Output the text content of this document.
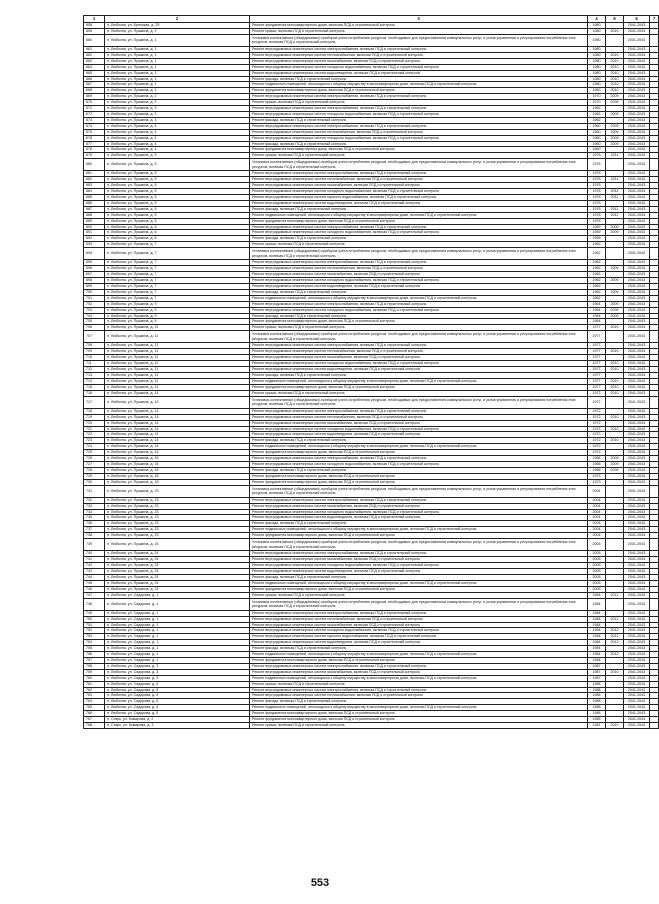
1	2	3	4	5	6	7
658	п. Любохна, ул. Брянская, д. 25	Ремонт фундамента многоквартирного дома, включая ПСД и строительный контроль	1980		2041-2043	
659	п. Любохна, ул. Пушкина, д. 1	Ремонт крыши, включая ПСД и строительный контроль	1980	2010	2041-2043	
660	п. Любохна, ул. Пушкина, д. 1	Установка коллективных (общедомовых) приборов учета потребления ресурсов, необходимых для предоставления коммунальных услуг, и узлов управления и регулирования потребления этих ресурсов, включая ПСД и строительный контроль	1980		2041-2043	
661	п. Любохна, ул. Пушкина, д. 1	Ремонт внутридомовых инженерных систем электроснабжения, включая ПСД и строительный контроль	1980		2041-2043	
662	п. Любохна, ул. Пушкина, д. 1	Ремонт внутридомовых инженерных систем теплоснабжения, включая ПСД и строительный контроль	1980	2010	2041-2043	
663	п. Любохна, ул. Пушкина, д. 1	Ремонт внутридомовых инженерных систем газоснабжения, включая ПСД и строительный контроль	1980	2010	2041-2043	
664	п. Любохна, ул. Пушкина, д. 1	Ремонт внутридомовых инженерных систем холодного водоснабжения, включая ПСД и строительный контроль	1980	2010	2041-2043	
665	п. Любохна, ул. Пушкина, д. 1	Ремонт внутридомовых инженерных систем водоотведения, включая ПСД и строительный контроль	1980	2010	2041-2043	
666	п. Любохна, ул. Пушкина, д. 1	Ремонт фасада, включая ПСД и строительный контроль	1980	2010	2041-2043	
667	п. Любохна, ул. Пушкина, д. 1	Ремонт подвальных помещений, относящихся к общему имуществу в многоквартирном доме, включая ПСД и строительный контроль	1980	2010	2041-2043	
668	п. Любохна, ул. Пушкина, д. 1	Ремонт фундамента многоквартирного дома, включая ПСД и строительный контроль	1980	2010	2041-2043	
669	п. Любохна, ул. Пушкина, д. 2	Ремонт внутридомовых инженерных систем электроснабжения, включая ПСД и строительный контроль	1970	2009	2041-2043	
670	п. Любохна, ул. Пушкина, д. 2	Ремонт крыши, включая ПСД и строительный контроль	1970	2009	2041-2043	
671	п. Любохна, ул. Пушкина, д. 3	Ремонт внутридомовых инженерных систем электроснабжения, включая ПСД и строительный контроль	1962		2041-2043	
672	п. Любохна, ул. Пушкина, д. 3	Ремонт внутридомовых инженерных систем холодного водоснабжения, включая ПСД и строительный контроль	1962	2009	2041-2043	
673	п. Любохна, ул. Пушкина, д. 3	Ремонт фасада, включая ПСД и строительный контроль	1962		2041-2043	
674	п. Любохна, ул. Пушкина, д. 4	Ремонт внутридомовых инженерных систем электроснабжения, включая ПСД и строительный контроль	1960	2009	2041-2043	
675	п. Любохна, ул. Пушкина, д. 4	Ремонт внутридомовых инженерных систем теплоснабжения, включая ПСД и строительный контроль	1960	2009	2041-2043	
676	п. Любохна, ул. Пушкина, д. 4	Ремонт внутридомовых инженерных систем холодного водоснабжения, включая ПСД и строительный контроль	1960	2009	2041-2043	
677	п. Любохна, ул. Пушкина, д. 4	Ремонт фасада, включая ПСД и строительный контроль	1960	2009	2041-2043	
678	п. Любохна, ул. Пушкина, д. 4	Ремонт фундамента многоквартирного дома, включая ПСД и строительный контроль	1960		2041-2043	
679	п. Любохна, ул. Пушкина, д. 5	Ремонт крыши, включая ПСД и строительный контроль	1976	2011	2041-2043	
680	п. Любохна, ул. Пушкина, д. 5	Установка коллективных (общедомовых) приборов учета потребления ресурсов, необходимых для предоставления коммунальных услуг, и узлов управления и регулирования потребления этих ресурсов, включая ПСД и строительный контроль	1976		2041-2043	
681	п. Любохна, ул. Пушкина, д. 5	Ремонт внутридомовых инженерных систем электроснабжения, включая ПСД и строительный контроль	1976		2041-2043	
682	п. Любохна, ул. Пушкина, д. 5	Ремонт внутридомовых инженерных систем теплоснабжения, включая ПСД и строительный контроль	1976	2011	2041-2043	
683	п. Любохна, ул. Пушкина, д. 5	Ремонт внутридомовых инженерных систем газоснабжения, включая ПСД и строительный контроль	1976		2041-2043	
684	п. Любохна, ул. Пушкина, д. 5	Ремонт внутридомовых инженерных систем холодного водоснабжения, включая ПСД и строительный контроль	1976	2011	2041-2043	
685	п. Любохна, ул. Пушкина, д. 5	Ремонт внутридомовых инженерных систем горячего водоснабжения, включая ПСД и строительный контроль	1976	2011	2041-2043	
686	п. Любохна, ул. Пушкина, д. 5	Ремонт внутридомовых инженерных систем водоотведения, включая ПСД и строительный контроль	1976		2041-2043	
687	п. Любохна, ул. Пушкина, д. 5	Ремонт фасада, включая ПСД и строительный контроль	1976	2011	2041-2043	
688	п. Любохна, ул. Пушкина, д. 5	Ремонт подвальных помещений, относящихся к общему имуществу в многоквартирном доме, включая ПСД и строительный контроль	1976	2011	2041-2043	
689	п. Любохна, ул. Пушкина, д. 5	Ремонт фундамента многоквартирного дома, включая ПСД и строительный контроль	1976		2041-2043	
690	п. Любохна, ул. Пушкина, д. 6	Ремонт внутридомовых инженерных систем электроснабжения, включая ПСД и строительный контроль	1959	2009	2041-2043	
691	п. Любохна, ул. Пушкина, д. 6	Ремонт внутридомовых инженерных систем холодного водоснабжения, включая ПСД и строительный контроль	1959	2009	2041-2043	
692	п. Любохна, ул. Пушкина, д. 6	Ремонт фасада, включая ПСД и строительный контроль	1959		2041-2043	
693	п. Любохна, ул. Пушкина, д. 7	Ремонт крыши, включая ПСД и строительный контроль	1962		2041-2043	
694	п. Любохна, ул. Пушкина, д. 7	Установка коллективных (общедомовых) приборов учета потребления ресурсов, необходимых для предоставления коммунальных услуг, и узлов управления и регулирования потребления этих ресурсов, включая ПСД и строительный контроль	1962		2041-2043	
695	п. Любохна, ул. Пушкина, д. 7	Ремонт внутридомовых инженерных систем электроснабжения, включая ПСД и строительный контроль	1962		2041-2043	
696	п. Любохна, ул. Пушкина, д. 7	Ремонт внутридомовых инженерных систем теплоснабжения, включая ПСД и строительный контроль	1962	2009	2041-2043	
697	п. Любохна, ул. Пушкина, д. 7	Ремонт внутридомовых инженерных систем газоснабжения, включая ПСД и строительный контроль	1962		2041-2043	
698	п. Любохна, ул. Пушкина, д. 7	Ремонт внутридомовых инженерных систем холодного водоснабжения, включая ПСД и строительный контроль	1962	2009	2041-2043	
699	п. Любохна, ул. Пушкина, д. 7	Ремонт внутридомовых инженерных систем водоотведения, включая ПСД и строительный контроль	1962		2041-2043	
700	п. Любохна, ул. Пушкина, д. 7	Ремонт фасада, включая ПСД и строительный контроль	1962	2009	2041-2043	
701	п. Любохна, ул. Пушкина, д. 7	Ремонт подвальных помещений, относящихся к общему имуществу в многоквартирном доме, включая ПСД и строительный контроль	1962		2041-2043	
702	п. Любохна, ул. Пушкина, д. 9	Ремонт внутридомовых инженерных систем электроснабжения, включая ПСД и строительный контроль	1964	2009	2041-2043	
703	п. Любохна, ул. Пушкина, д. 9	Ремонт внутридомовых инженерных систем холодного водоснабжения, включая ПСД и строительный контроль	1964	2009	2041-2043	
704	п. Любохна, ул. Пушкина, д. 9	Ремонт фасада, включая ПСД и строительный контроль	1964	2009	2041-2043	
705	п. Любохна, ул. Пушкина, д. 9	Ремонт фундамента многоквартирного дома, включая ПСД и строительный контроль	1964		2041-2043	
706	п. Любохна, ул. Пушкина, д. 11	Ремонт крыши, включая ПСД и строительный контроль	1977	2010	2041-2043	
707	п. Любохна, ул. Пушкина, д. 11	Установка коллективных (общедомовых) приборов учета потребления ресурсов, необходимых для предоставления коммунальных услуг, и узлов управления и регулирования потребления этих ресурсов, включая ПСД и строительный контроль	1977		2041-2043	
708	п. Любохна, ул. Пушкина, д. 11	Ремонт внутридомовых инженерных систем электроснабжения, включая ПСД и строительный контроль	1977		2041-2043	
709	п. Любохна, ул. Пушкина, д. 11	Ремонт внутридомовых инженерных систем теплоснабжения, включая ПСД и строительный контроль	1977	2010	2041-2043	
710	п. Любохна, ул. Пушкина, д. 11	Ремонт внутридомовых инженерных систем газоснабжения, включая ПСД и строительный контроль	1977		2041-2043	
711	п. Любохна, ул. Пушкина, д. 11	Ремонт внутридомовых инженерных систем холодного водоснабжения, включая ПСД и строительный контроль	1977	2010	2041-2043	
712	п. Любохна, ул. Пушкина, д. 11	Ремонт внутридомовых инженерных систем водоотведения, включая ПСД и строительный контроль	1977	2010	2041-2043	
713	п. Любохна, ул. Пушкина, д. 11	Ремонт фасада, включая ПСД и строительный контроль	1977		2041-2043	
714	п. Любохна, ул. Пушкина, д. 11	Ремонт подвальных помещений, относящихся к общему имуществу в многоквартирном доме, включая ПСД и строительный контроль	1977	2010	2041-2043	
715	п. Любохна, ул. Пушкина, д. 11	Ремонт фундамента многоквартирного дома, включая ПСД и строительный контроль	1977	2010	2041-2043	
716	п. Любохна, ул. Пушкина, д. 14	Ремонт крыши, включая ПСД и строительный контроль	1972	2010	2041-2043	
717	п. Любохна, ул. Пушкина, д. 14	Установка коллективных (общедомовых) приборов учета потребления ресурсов, необходимых для предоставления коммунальных услуг, и узлов управления и регулирования потребления этих ресурсов, включая ПСД и строительный контроль	1972		2041-2043	
718	п. Любохна, ул. Пушкина, д. 14	Ремонт внутридомовых инженерных систем электроснабжения, включая ПСД и строительный контроль	1972		2041-2043	
719	п. Любохна, ул. Пушкина, д. 14	Ремонт внутридомовых инженерных систем теплоснабжения, включая ПСД и строительный контроль	1972	2010	2041-2043	
720	п. Любохна, ул. Пушкина, д. 14	Ремонт внутридомовых инженерных систем газоснабжения, включая ПСД и строительный контроль	1972		2041-2043	
721	п. Любохна, ул. Пушкина, д. 14	Ремонт внутридомовых инженерных систем холодного водоснабжения, включая ПСД и строительный контроль	1972	2010	2041-2043	
722	п. Любохна, ул. Пушкина, д. 14	Ремонт внутридомовых инженерных систем водоотведения, включая ПСД и строительный контроль	1972		2041-2043	
723	п. Любохна, ул. Пушкина, д. 14	Ремонт фасада, включая ПСД и строительный контроль	1972	2010	2041-2043	
724	п. Любохна, ул. Пушкина, д. 14	Ремонт подвальных помещений, относящихся к общему имуществу в многоквартирном доме, включая ПСД и строительный контроль	1972		2041-2043	
725	п. Любохна, ул. Пушкина, д. 14	Ремонт фундамента многоквартирного дома, включая ПСД и строительный контроль	1972		2041-2043	
726	п. Любохна, ул. Пушкина, д. 16	Ремонт внутридомовых инженерных систем электроснабжения, включая ПСД и строительный контроль	1966	2009	2041-2043	
727	п. Любохна, ул. Пушкина, д. 16	Ремонт внутридомовых инженерных систем холодного водоснабжения, включая ПСД и строительный контроль	1966	2009	2041-2043	
728	п. Любохна, ул. Пушкина, д. 16	Ремонт фасада, включая ПСД и строительный контроль	1966	2009	2041-2043	
729	п. Любохна, ул. Пушкина, д. 18	Ремонт фундамента многоквартирного дома, включая ПСД и строительный контроль	1973		2041-2043	
730	п. Любохна, ул. Пушкина, д. 18	Ремонт фундамента многоквартирного дома, включая ПСД и строительный контроль	1973		2041-2043	
731	п. Любохна, ул. Пушкина, д. 23	Установка коллективных (общедомовых) приборов учета потребления ресурсов, необходимых для предоставления коммунальных услуг, и узлов управления и регулирования потребления этих ресурсов, включая ПСД и строительный контроль	2004		2041-2043	
732	п. Любохна, ул. Пушкина, д. 23	Ремонт внутридомовых инженерных систем электроснабжения, включая ПСД и строительный контроль	2004		2041-2043	
733	п. Любохна, ул. Пушкина, д. 23	Ремонт внутридомовых инженерных систем газоснабжения, включая ПСД и строительный контроль	2004		2041-2043	
734	п. Любохна, ул. Пушкина, д. 23	Ремонт внутридомовых инженерных систем холодного водоснабжения, включая ПСД и строительный контроль	2004		2041-2043	
735	п. Любохна, ул. Пушкина, д. 23	Ремонт внутридомовых инженерных систем водоотведения, включая ПСД и строительный контроль	2004		2041-2043	
736	п. Любохна, ул. Пушкина, д. 23	Ремонт фасада, включая ПСД и строительный контроль	2004		2041-2043	
737	п. Любохна, ул. Пушкина, д. 23	Ремонт подвальных помещений, относящихся к общему имуществу в многоквартирном доме, включая ПСД и строительный контроль	2004		2041-2043	
738	п. Любохна, ул. Пушкина, д. 23	Ремонт фундамента многоквартирного дома, включая ПСД и строительный контроль	2004		2041-2043	
739	п. Любохна, ул. Пушкина, д. 24	Установка коллективных (общедомовых) приборов учета потребления ресурсов, необходимых для предоставления коммунальных услуг, и узлов управления и регулирования потребления этих ресурсов, включая ПСД и строительный контроль	2005		2041-2043	
740	п. Любохна, ул. Пушкина, д. 24	Ремонт внутридомовых инженерных систем электроснабжения, включая ПСД и строительный контроль	2005		2041-2043	
741	п. Любохна, ул. Пушкина, д. 24	Ремонт внутридомовых инженерных систем газоснабжения, включая ПСД и строительный контроль	2005		2041-2043	
742	п. Любохна, ул. Пушкина, д. 24	Ремонт внутридомовых инженерных систем холодного водоснабжения, включая ПСД и строительный контроль	2005		2041-2043	
743	п. Любохна, ул. Пушкина, д. 24	Ремонт внутридомовых инженерных систем водоотведения, включая ПСД и строительный контроль	2005		2041-2043	
744	п. Любохна, ул. Пушкина, д. 24	Ремонт фасада, включая ПСД и строительный контроль	2005		2041-2043	
745	п. Любохна, ул. Пушкина, д. 24	Ремонт подвальных помещений, относящихся к общему имуществу в многоквартирном доме, включая ПСД и строительный контроль	2005		2041-2043	
746	п. Любохна, ул. Пушкина, д. 24	Ремонт фундамента многоквартирного дома, включая ПСД и строительный контроль	2005		2041-2043	
747	п. Любохна, ул. Сидорова, д. 1	Ремонт крыши, включая ПСД и строительный контроль	1984	2012	2041-2043	
748	п. Любохна, ул. Сидорова, д. 1	Установка коллективных (общедомовых) приборов учета потребления ресурсов, необходимых для предоставления коммунальных услуг, и узлов управления и регулирования потребления этих ресурсов, включая ПСД и строительный контроль	1984		2041-2043	
749	п. Любохна, ул. Сидорова, д. 1	Ремонт внутридомовых инженерных систем электроснабжения, включая ПСД и строительный контроль	1984		2041-2043	
750	п. Любохна, ул. Сидорова, д. 1	Ремонт внутридомовых инженерных систем теплоснабжения, включая ПСД и строительный контроль	1984	2012	2041-2043	
751	п. Любохна, ул. Сидорова, д. 1	Ремонт внутридомовых инженерных систем газоснабжения, включая ПСД и строительный контроль	1984		2041-2043	
752	п. Любохна, ул. Сидорова, д. 1	Ремонт внутридомовых инженерных систем холодного водоснабжения, включая ПСД и строительный контроль	1984	2012	2041-2043	
753	п. Любохна, ул. Сидорова, д. 1	Ремонт внутридомовых инженерных систем горячего водоснабжения, включая ПСД и строительный контроль	1984	2012	2041-2043	
754	п. Любохна, ул. Сидорова, д. 1	Ремонт внутридомовых инженерных систем водоотведения, включая ПСД и строительный контроль	1984	2012	2041-2043	
755	п. Любохна, ул. Сидорова, д. 1	Ремонт фасада, включая ПСД и строительный контроль	1984		2041-2043	
756	п. Любохна, ул. Сидорова, д. 1	Ремонт подвальных помещений, относящихся к общему имуществу в многоквартирном доме, включая ПСД и строительный контроль	1984	2012	2041-2043	
757	п. Любохна, ул. Сидорова, д. 1	Ремонт фундамента многоквартирного дома, включая ПСД и строительный контроль	1984		2041-2043	
758	п. Любохна, ул. Сидорова, д. 3	Ремонт внутридомовых инженерных систем электроснабжения, включая ПСД и строительный контроль	1987		2041-2043	
759	п. Любохна, ул. Сидорова, д. 3	Ремонт внутридомовых инженерных систем газоснабжения, включая ПСД и строительный контроль	1987	2010	2041-2043	
760	п. Любохна, ул. Сидорова, д. 3	Ремонт подвальных помещений, относящихся к общему имуществу в многоквартирном доме, включая ПСД и строительный контроль	1987		2041-2043	
761	п. Любохна, ул. Сидорова, д. 5	Ремонт крыши, включая ПСД и строительный контроль	1988		2041-2043	
762	п. Любохна, ул. Сидорова, д. 5	Ремонт внутридомовых инженерных систем электроснабжения, включая ПСД и строительный контроль	1988		2041-2043	
763	п. Любохна, ул. Сидорова, д. 5	Ремонт внутридомовых инженерных систем теплоснабжения, включая ПСД и строительный контроль	1988		2041-2043	
764	п. Любохна, ул. Сидорова, д. 5	Ремонт фасада, включая ПСД и строительный контроль	1988		2041-2043	
765	п. Любохна, ул. Сидорова, д. 5	Ремонт подвальных помещений, относящихся к общему имуществу в многоквартирном доме, включая ПСД и строительный контроль	1988		2041-2043	
766	п. Любохна, ул. Сидорова, д. 5	Ремонт фундамента многоквартирного дома, включая ПСД и строительный контроль	1988		2041-2043	
767	п. Старь, ул. Комарова, д. 2	Ремонт фундамента многоквартирного дома, включая ПСД и строительный контроль	1985		2041-2043	
768	п. Старь, ул. Комарова, д. 3	Ремонт крыши, включая ПСД и строительный контроль	1981	2010	2041-2043	
553
